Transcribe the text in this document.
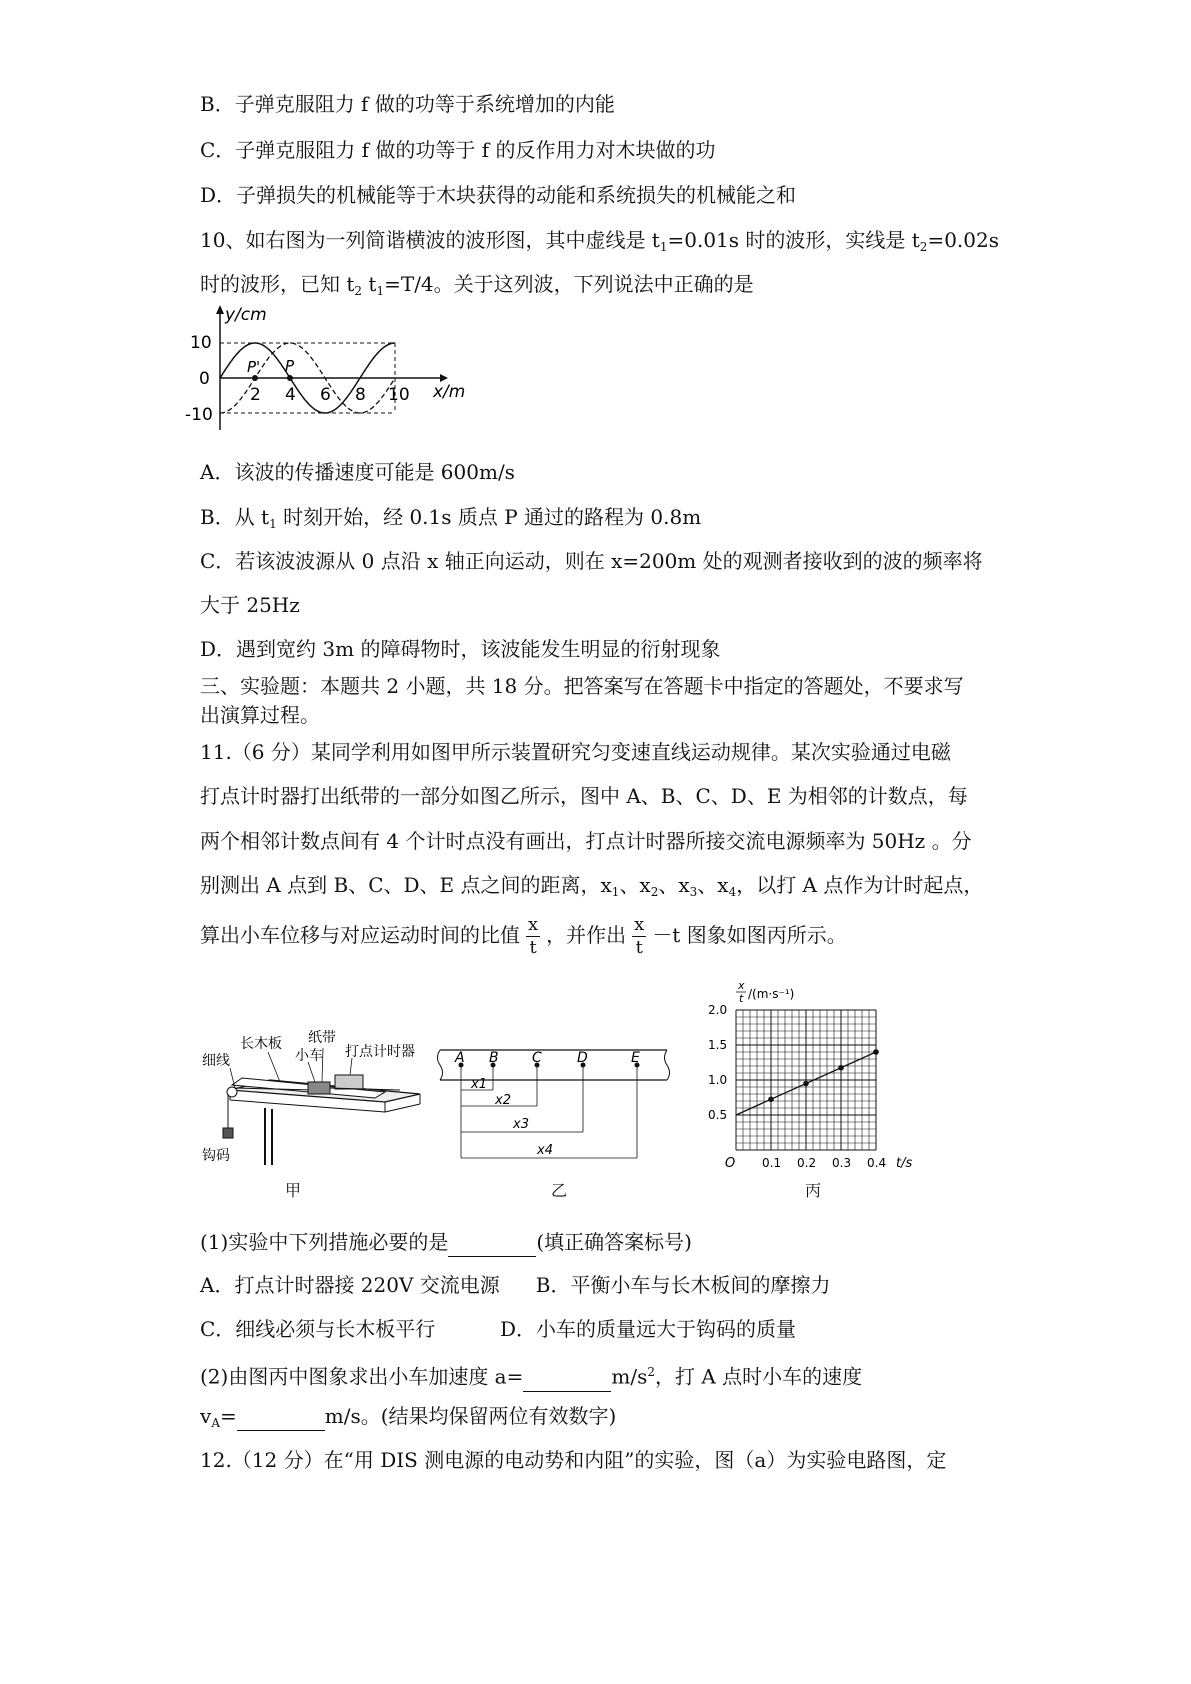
B．子弹克服阻力 f 做的功等于系统增加的内能
C．子弹克服阻力 f 做的功等于 f 的反作用力对木块做的功
D．子弹损失的机械能等于木块获得的动能和系统损失的机械能之和
10、如右图为一列简谐横波的波形图，其中虚线是 $t_1=0.01s$ 时的波形，实线是 $t_2=0.02s$
时的波形，已知 $t_2$ $t_1=T/4$。关于这列波，下列说法中正确的是
y/cm
x/m
10
0
-10
2 4 6 8 10
P' P
A．该波的传播速度可能是 600m/s
B．从 $t_1$ 时刻开始，经 0.1s 质点 P 通过的路程为 0.8m
C．若该波波源从 0 点沿 x 轴正向运动，则在 x=200m 处的观测者接收到的波的频率将
大于 25Hz
D．遇到宽约 3m 的障碍物时，该波能发生明显的衍射现象
三、实验题：本题共 2 小题，共 18 分。把答案写在答题卡中指定的答题处，不要求写
出演算过程。
11.（6 分）某同学利用如图甲所示装置研究匀变速直线运动规律。某次实验通过电磁
打点计时器打出纸带的一部分如图乙所示，图中 A、B、C、D、E 为相邻的计数点，每
两个相邻计数点间有 4 个计时点没有画出，打点计时器所接交流电源频率为 50Hz 。分
别测出 A 点到 B、C、D、E 点之间的距离，$x_1$、$x_2$、$x_3$、$x_4$，以打 A 点作为计时起点，
算出小车位移与对应运动时间的比值 $\frac{x}{t}$ ，并作出 $\frac{x}{t} -t$ 图象如图丙所示。
长木板 纸带
细线	小车 打点计时器
钩码
甲
A B C	D	E
x1
x2
x3
x4
乙
2.0
1.5
1.0
0.5
0.1 0.2 0.3 0.4
x
t /(m·s⁻¹)
t/s
O
丙
(1)实验中下列措施必要的是	(填正确答案标号)
A．打点计时器接 220V 交流电源 B．平衡小车与长木板间的摩擦力
C．细线必须与长木板平行	D．小车的质量远大于钩码的质量
(2)由图丙中图象求出小车加速度 a=	$m/s^2$，打 A 点时小车的速度
$v_A=$	m/s。(结果均保留两位有效数字)
12.（12 分）在“用 DIS 测电源的电动势和内阻”的实验，图（a）为实验电路图，定
